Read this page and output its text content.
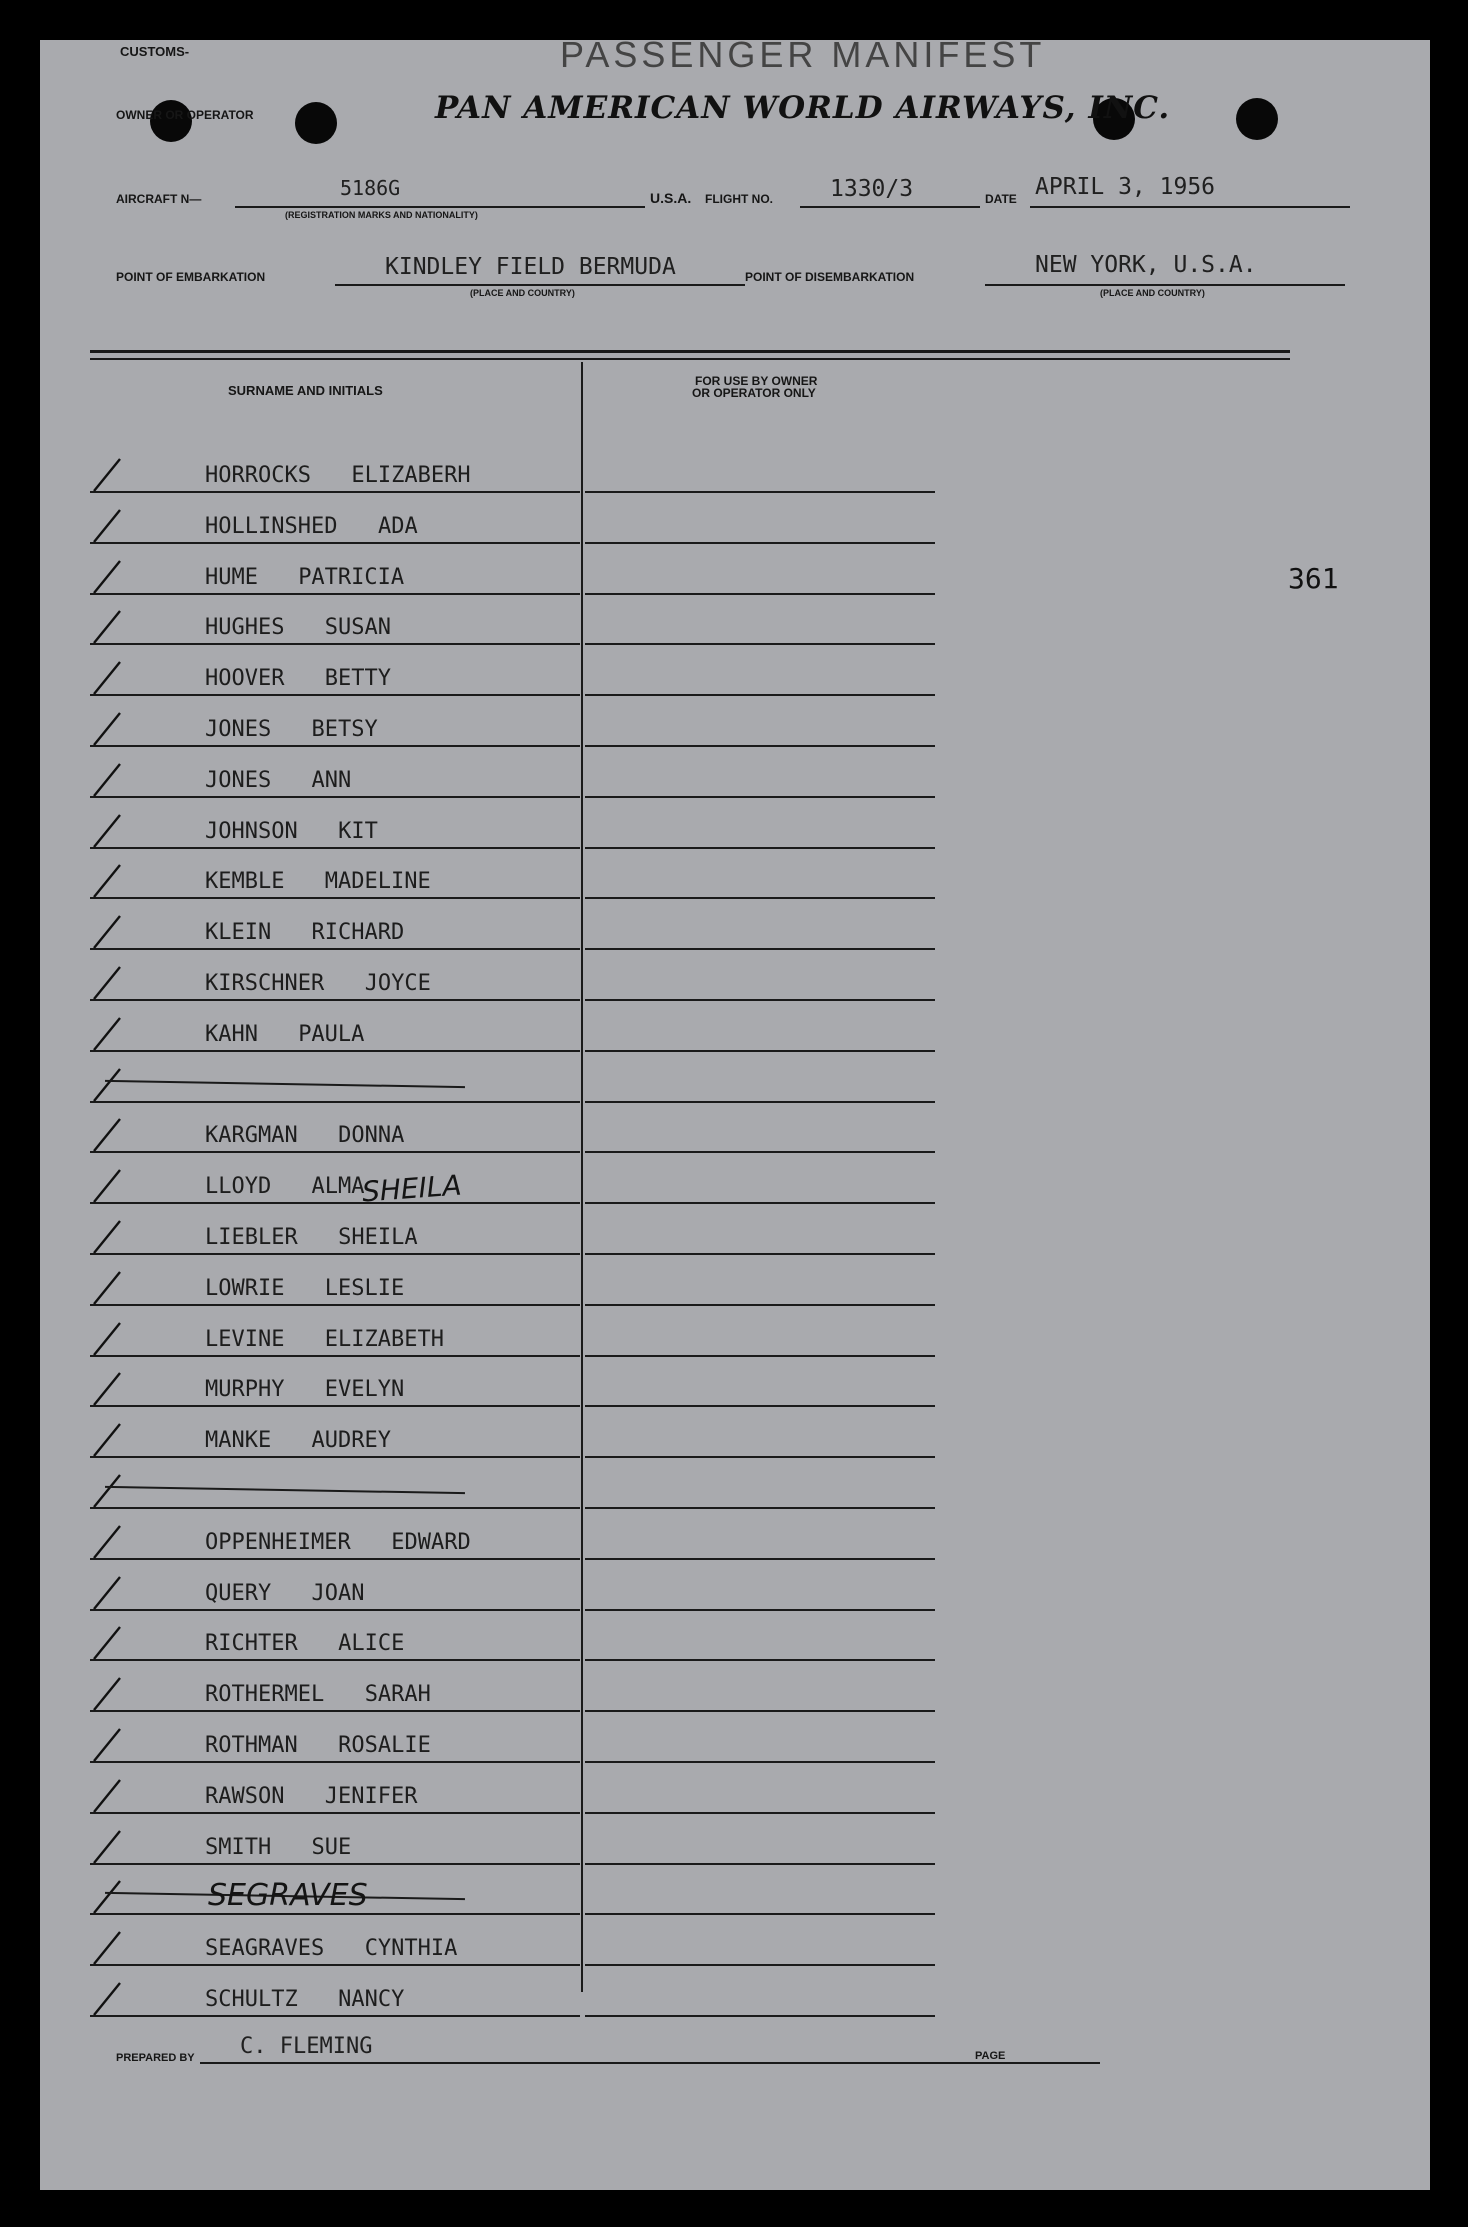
PASSENGER MANIFEST
CUSTOMS-
OWNER OR OPERATOR	PAN AMERICAN WORLD AIRWAYS, INC.
AIRCRAFT N—	5186G
(REGISTRATION MARKS AND NATIONALITY)
U.S.A. FLIGHT NO. 1330/3	DATE APRIL 3, 1956
POINT OF EMBARKATION	KINDLEY FIELD BERMUDA
(PLACE AND COUNTRY)
POINT OF DISEMBARKATION	NEW YORK, U.S.A.
(PLACE AND COUNTRY)
SURNAME AND INITIALS
FOR USE BY OWNER
OR OPERATOR ONLY
361
HORROCKS ELIZABERH
HOLLINSHED ADA
HUME PATRICIA
HUGHES SUSAN
HOOVER BETTY
JONES BETSY
JONES ANN
JOHNSON KIT
KEMBLE MADELINE
KLEIN RICHARD
KIRSCHNER JOYCE
KAHN PAULA
KARGMAN DONNA
LLOYD ALMA
LIEBLER SHEILA
LOWRIE LESLIE
LEVINE ELIZABETH
MURPHY EVELYN
MANKE AUDREY
OPPENHEIMER EDWARD
QUERY JOAN
RICHTER ALICE
ROTHERMEL SARAH
ROTHMAN ROSALIE
RAWSON JENIFER
SMITH SUE
SEAGRAVES CYNTHIA
SCHULTZ NANCY
SHEILA
SEGRAVES
PREPARED BY C. FLEMING	PAGE
